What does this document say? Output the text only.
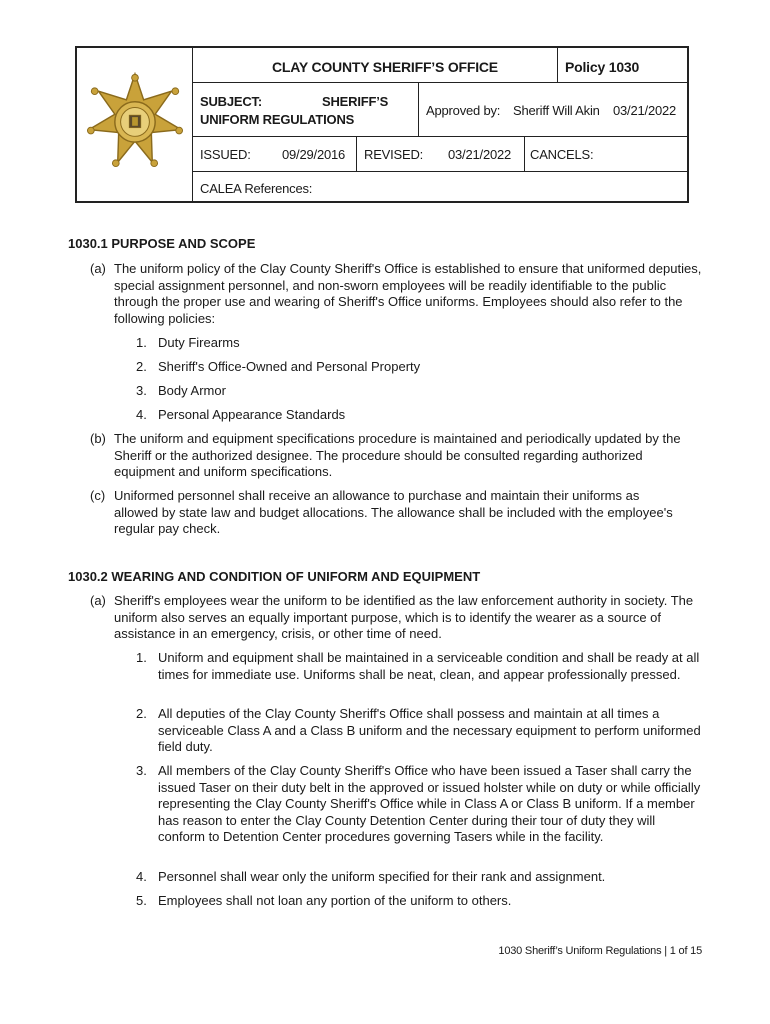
CLAY COUNTY SHERIFF’S OFFICE	Policy 1030
SUBJECT:	SHERIFF’S
UNIFORM REGULATIONS
Approved by: Sheriff Will Akin 03/21/2022
ISSUED: 09/29/2016 REVISED: 03/21/2022 CANCELS:
CALEA References:
1030.1 PURPOSE AND SCOPE
(a) The uniform policy of the Clay County Sheriff's Office is established to ensure that uniformed deputies, special assignment personnel, and non-sworn employees will be readily identifiable to the public through the proper use and wearing of Sheriff's Office uniforms. Employees should also refer to the following policies:
1. Duty Firearms
2. Sheriff's Office-Owned and Personal Property
3. Body Armor
4. Personal Appearance Standards
(b) The uniform and equipment specifications procedure is maintained and periodically updated by the Sheriff or the authorized designee. The procedure should be consulted regarding authorized equipment and uniform specifications.
(c) Uniformed personnel shall receive an allowance to purchase and maintain their uniforms as allowed by state law and budget allocations. The allowance shall be included with the employee's regular pay check.
1030.2 WEARING AND CONDITION OF UNIFORM AND EQUIPMENT
(a) Sheriff's employees wear the uniform to be identified as the law enforcement authority in society. The uniform also serves an equally important purpose, which is to identify the wearer as a source of assistance in an emergency, crisis, or other time of need.
1. Uniform and equipment shall be maintained in a serviceable condition and shall be ready at all times for immediate use. Uniforms shall be neat, clean, and appear professionally pressed.
2. All deputies of the Clay County Sheriff's Office shall possess and maintain at all times a serviceable Class A and a Class B uniform and the necessary equipment to perform uniformed field duty.
3. All members of the Clay County Sheriff's Office who have been issued a Taser shall carry the issued Taser on their duty belt in the approved or issued holster while on duty or while officially representing the Clay County Sheriff's Office while in Class A or Class B uniform. If a member has reason to enter the Clay County Detention Center during their tour of duty they will conform to Detention Center procedures governing Tasers while in the facility.
4. Personnel shall wear only the uniform specified for their rank and assignment.
5. Employees shall not loan any portion of the uniform to others.
1030 Sheriff’s Uniform Regulations | 1 of 15
